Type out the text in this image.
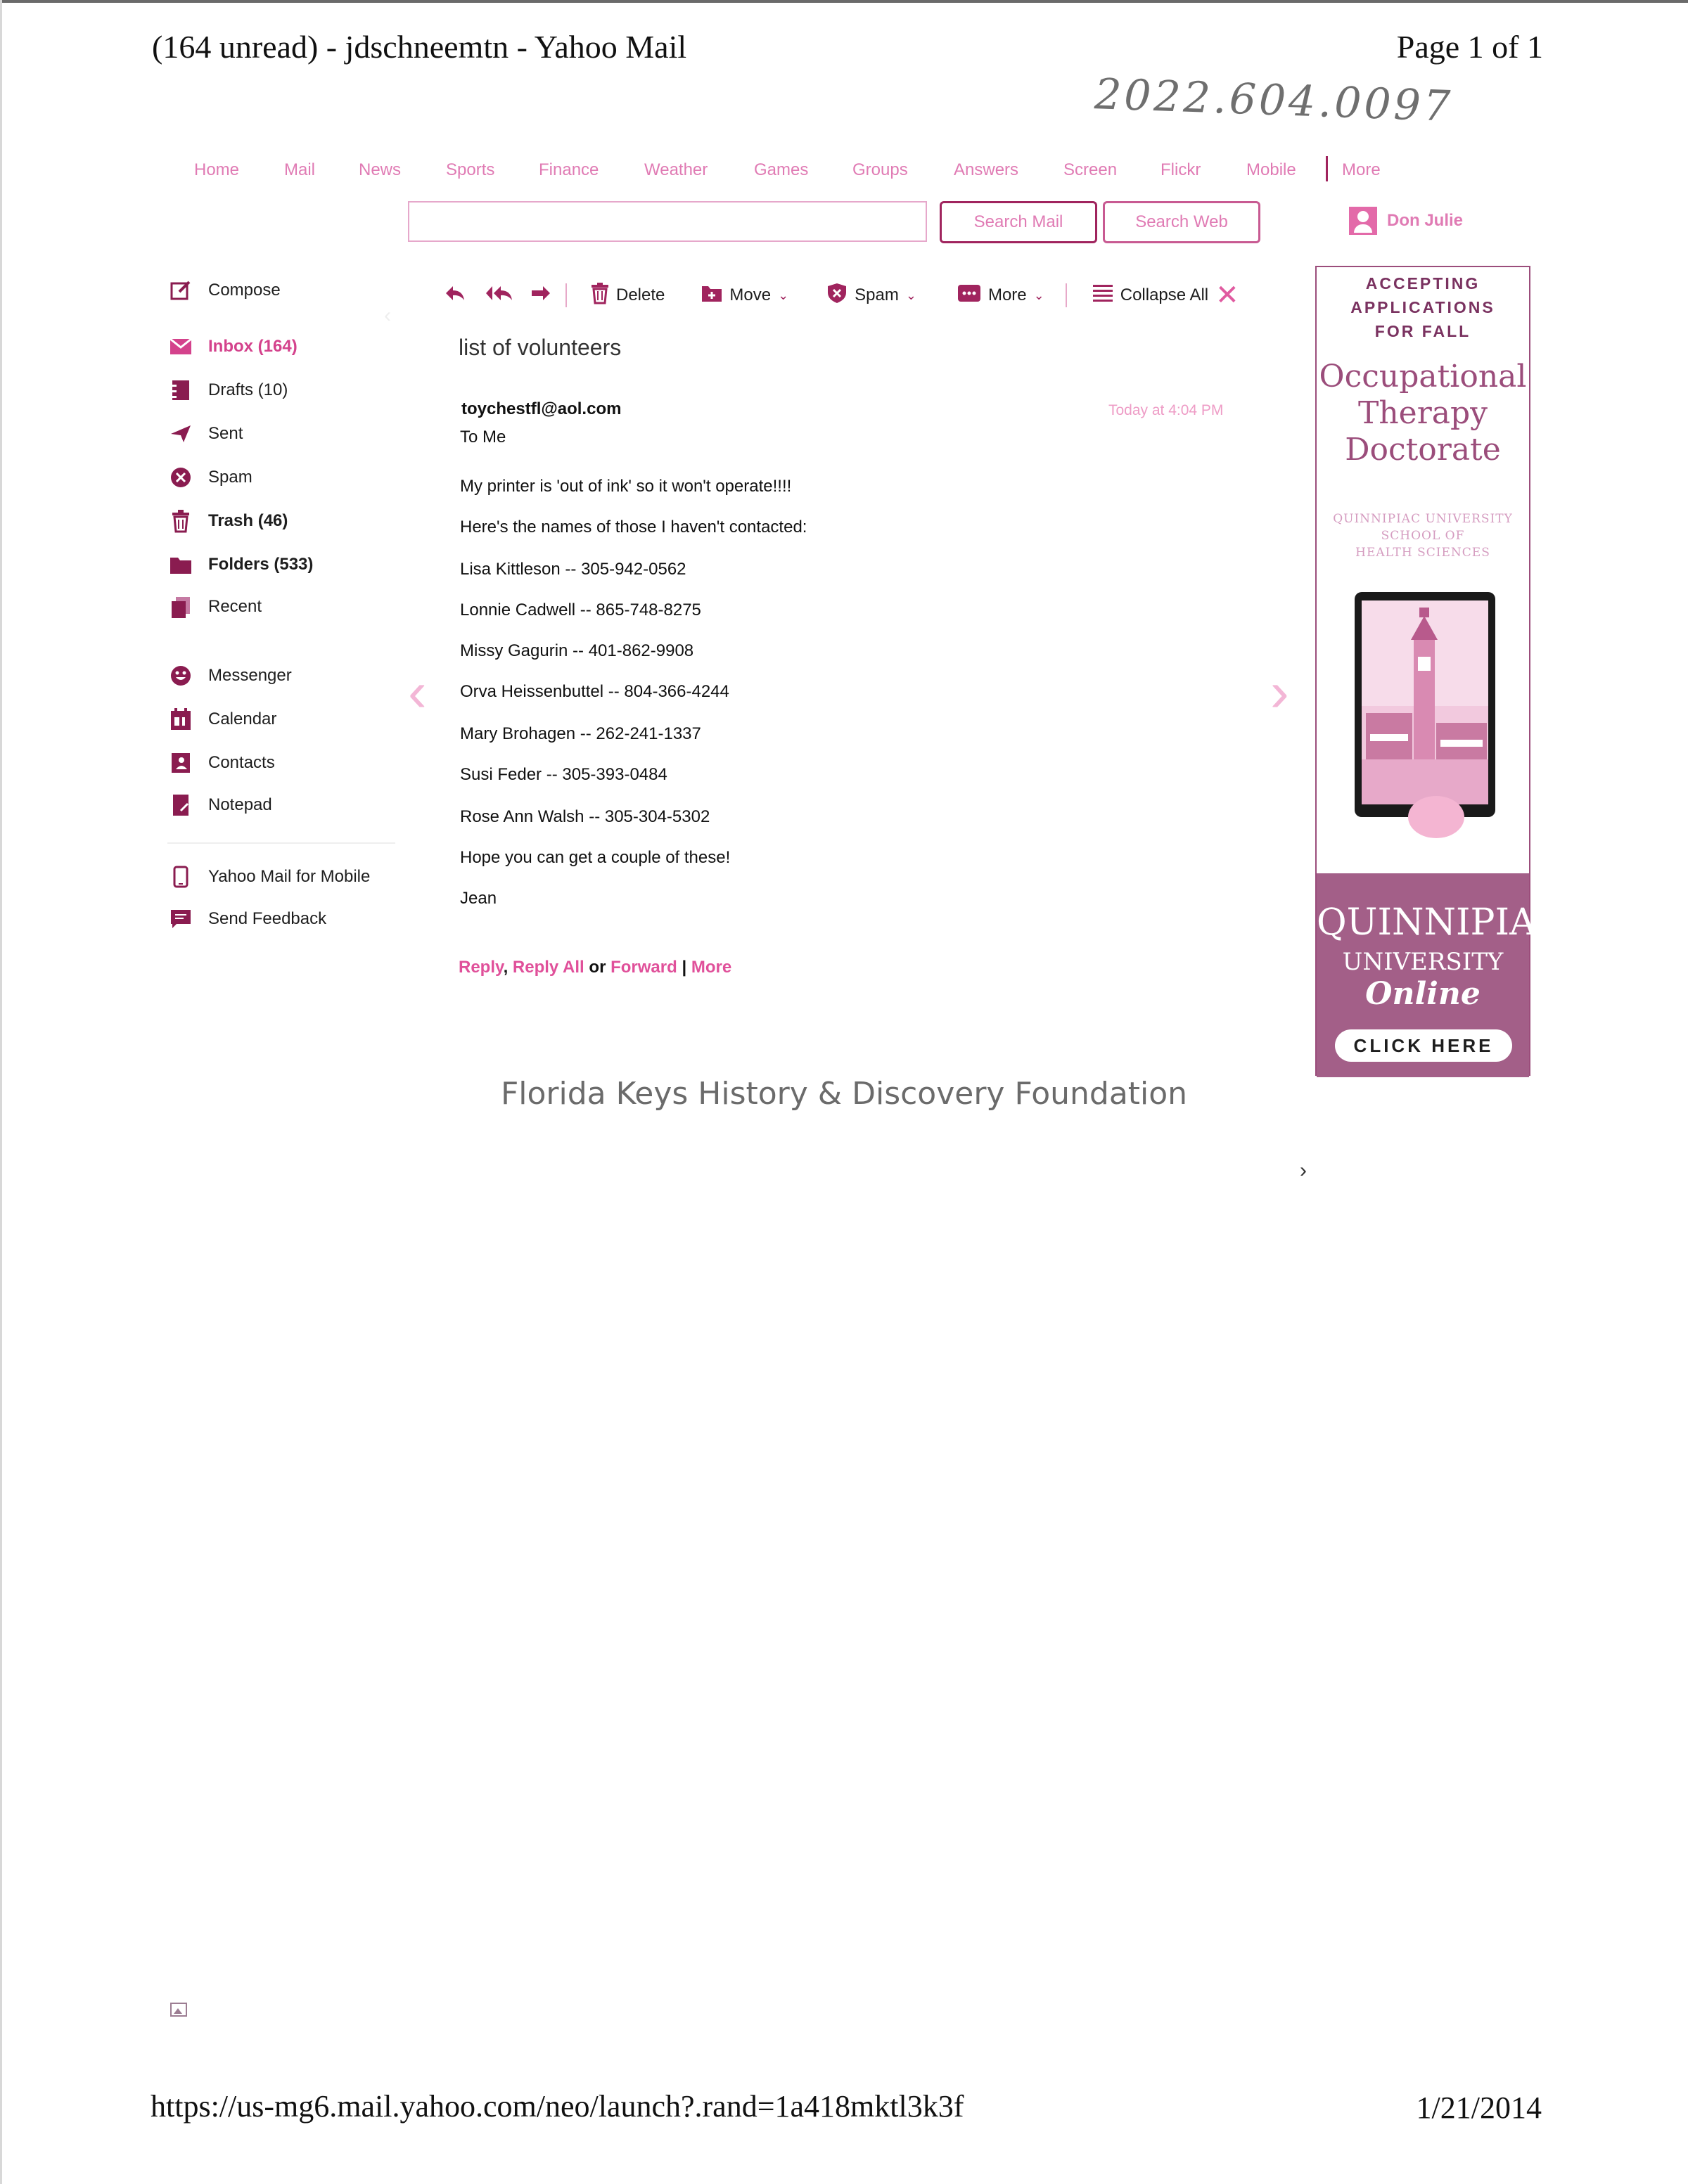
(164 unread) - jdschneemtn - Yahoo Mail	Page 1 of 1
2022.604.0097
Home	Mail	News	Sports	Finance	Weather	Games	Groups	Answers	Screen	Flickr	Mobile	More
Search Mail	Search Web	Don Julie
Compose
Inbox (164)
Drafts (10)
Sent
Spam
Trash (46)
Folders (533)
Recent
Messenger
Calendar
Contacts
Notepad
Yahoo Mail for Mobile
Send Feedback
Delete	Move ⌄	Spam ⌄	More ⌄	Collapse All ✕
‹
list of volunteers
toychestfl@aol.com
To Me
Today at 4:04 PM
My printer is 'out of ink' so it won't operate!!!!
Here's the names of those I haven't contacted:
Lisa Kittleson -- 305-942-0562
Lonnie Cadwell -- 865-748-8275
Missy Gagurin -- 401-862-9908
Orva Heissenbuttel -- 804-366-4244
Mary Brohagen -- 262-241-1337
Susi Feder -- 305-393-0484
Rose Ann Walsh -- 305-304-5302
Hope you can get a couple of these!
Jean
Reply, Reply All or Forward | More
‹	›
ACCEPTING
APPLICATIONS
FOR FALL
Occupational
Therapy
Doctorate
QUINNIPIAC UNIVERSITY
SCHOOL OF
HEALTH SCIENCES
QUINNIPIAC
UNIVERSITY
Online
CLICK HERE
Florida Keys History & Discovery Foundation
›
https://us-mg6.mail.yahoo.com/neo/launch?.rand=1a418mktl3k3f	1/21/2014
